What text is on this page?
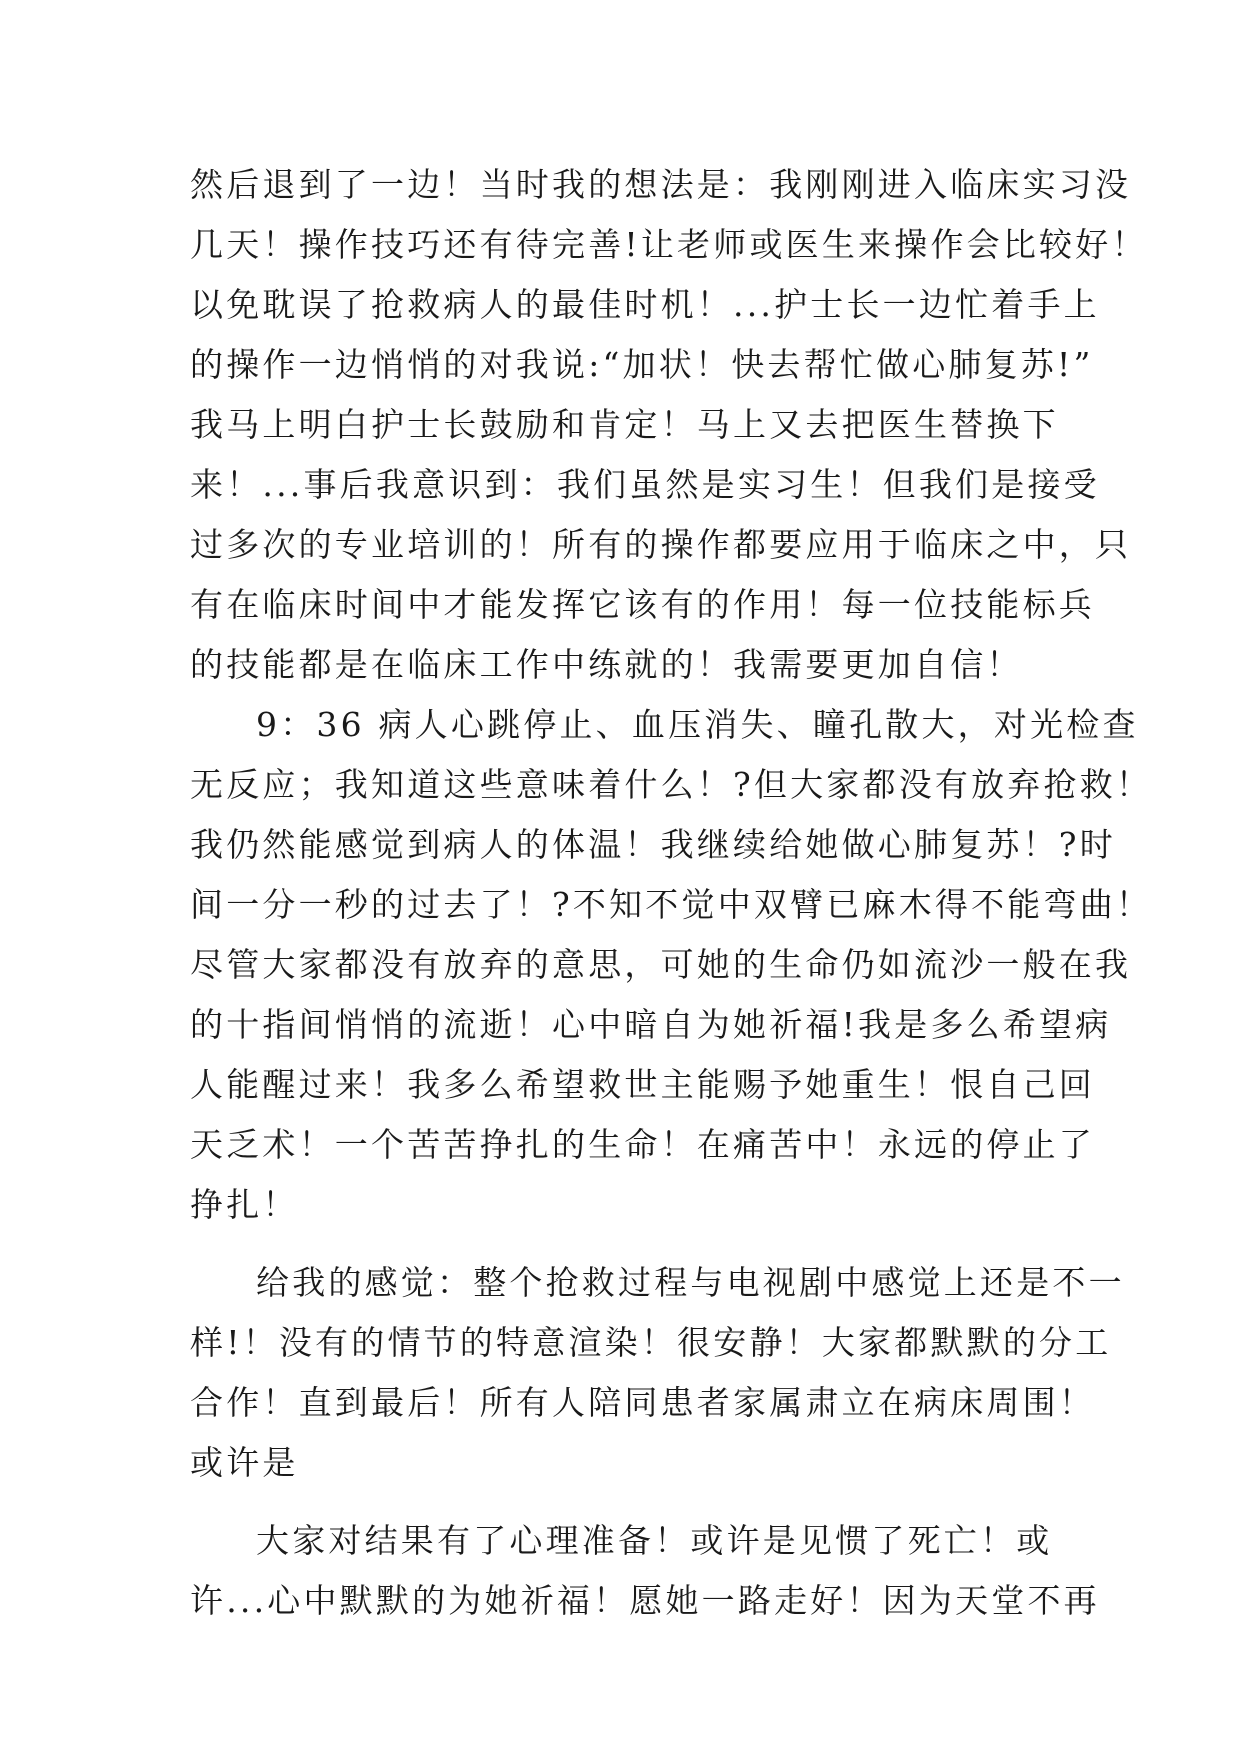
然后退到了一边！当时我的想法是：我刚刚进入临床实习没
几天！操作技巧还有待完善!让老师或医生来操作会比较好！
以免耽误了抢救病人的最佳时机！...护士长一边忙着手上
的操作一边悄悄的对我说:“加状！快去帮忙做心肺复苏!”
我马上明白护士长鼓励和肯定！马上又去把医生替换下
来！...事后我意识到：我们虽然是实习生！但我们是接受
过多次的专业培训的！所有的操作都要应用于临床之中，只
有在临床时间中才能发挥它该有的作用！每一位技能标兵
的技能都是在临床工作中练就的！我需要更加自信！
9：36 病人心跳停止、血压消失、瞳孔散大，对光检查
无反应；我知道这些意味着什么！?但大家都没有放弃抢救！
我仍然能感觉到病人的体温！我继续给她做心肺复苏！?时
间一分一秒的过去了！?不知不觉中双臂已麻木得不能弯曲！
尽管大家都没有放弃的意思，可她的生命仍如流沙一般在我
的十指间悄悄的流逝！心中暗自为她祈福!我是多么希望病
人能醒过来！我多么希望救世主能赐予她重生！恨自己回
天乏术！一个苦苦挣扎的生命！在痛苦中！永远的停止了
挣扎！
给我的感觉：整个抢救过程与电视剧中感觉上还是不一
样!！没有的情节的特意渲染！很安静！大家都默默的分工
合作！直到最后！所有人陪同患者家属肃立在病床周围！
或许是
大家对结果有了心理准备！或许是见惯了死亡！或
许...心中默默的为她祈福！愿她一路走好！因为天堂不再
